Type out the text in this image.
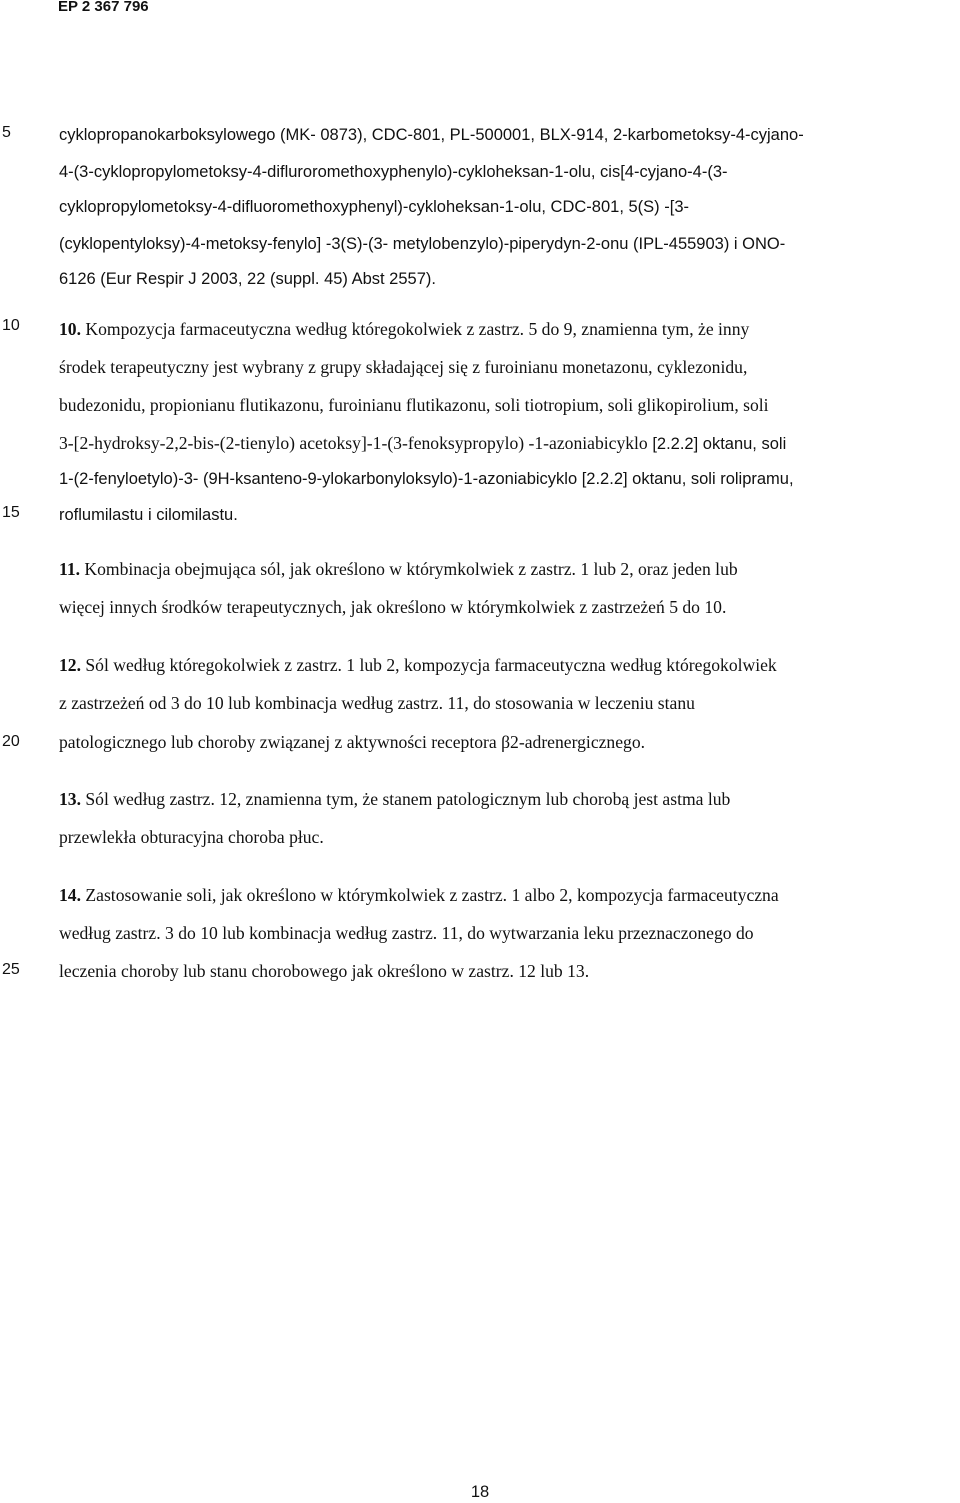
EP 2 367 796
5
10
15
20
25
cyklopropanokarboksylowego (MK- 0873), CDC-801, PL-500001, BLX-914, 2-karbometoksy-4-cyjano-
4-(3-cyklopropylometoksy-4-difluroromethoxyphenylo)-cykloheksan-1-olu, cis[4-cyjano-4-(3-
cyklopropylometoksy-4-difluoromethoxyphenyl)-cykloheksan-1-olu, CDC-801, 5(S) -[3-
(cyklopentyloksy)-4-metoksy-fenylo] -3(S)-(3- metylobenzylo)-piperydyn-2-onu (IPL-455903) i ONO-
6126 (Eur Respir J 2003, 22 (suppl. 45) Abst 2557).
10. Kompozycja farmaceutyczna według któregokolwiek z zastrz. 5 do 9, znamienna tym, że inny
środek terapeutyczny jest wybrany z grupy składającej się z furoinianu monetazonu, cyklezonidu,
budezonidu, propionianu flutikazonu, furoinianu flutikazonu, soli tiotropium, soli glikopirolium, soli
3-[2-hydroksy-2,2-bis-(2-tienylo) acetoksy]-1-(3-fenoksypropylo) -1-azoniabicyklo [2.2.2] oktanu, soli
1-(2-fenyloetylo)-3- (9H-ksanteno-9-ylokarbonyloksylo)-1-azoniabicyklo [2.2.2] oktanu, soli rolipramu,
roflumilastu i cilomilastu.
11. Kombinacja obejmująca sól, jak określono w którymkolwiek z zastrz. 1 lub 2, oraz jeden lub
więcej innych środków terapeutycznych, jak określono w którymkolwiek z zastrzeżeń 5 do 10.
12. Sól według któregokolwiek z zastrz. 1 lub 2, kompozycja farmaceutyczna według któregokolwiek
z zastrzeżeń od 3 do 10 lub kombinacja według zastrz. 11, do stosowania w leczeniu stanu
patologicznego lub choroby związanej z aktywności receptora β2-adrenergicznego.
13. Sól według zastrz. 12, znamienna tym, że stanem patologicznym lub chorobą jest astma lub
przewlekła obturacyjna choroba płuc.
14. Zastosowanie soli, jak określono w którymkolwiek z zastrz. 1 albo 2, kompozycja farmaceutyczna
według zastrz. 3 do 10 lub kombinacja według zastrz. 11, do wytwarzania leku przeznaczonego do
leczenia choroby lub stanu chorobowego jak określono w zastrz. 12 lub 13.
18
